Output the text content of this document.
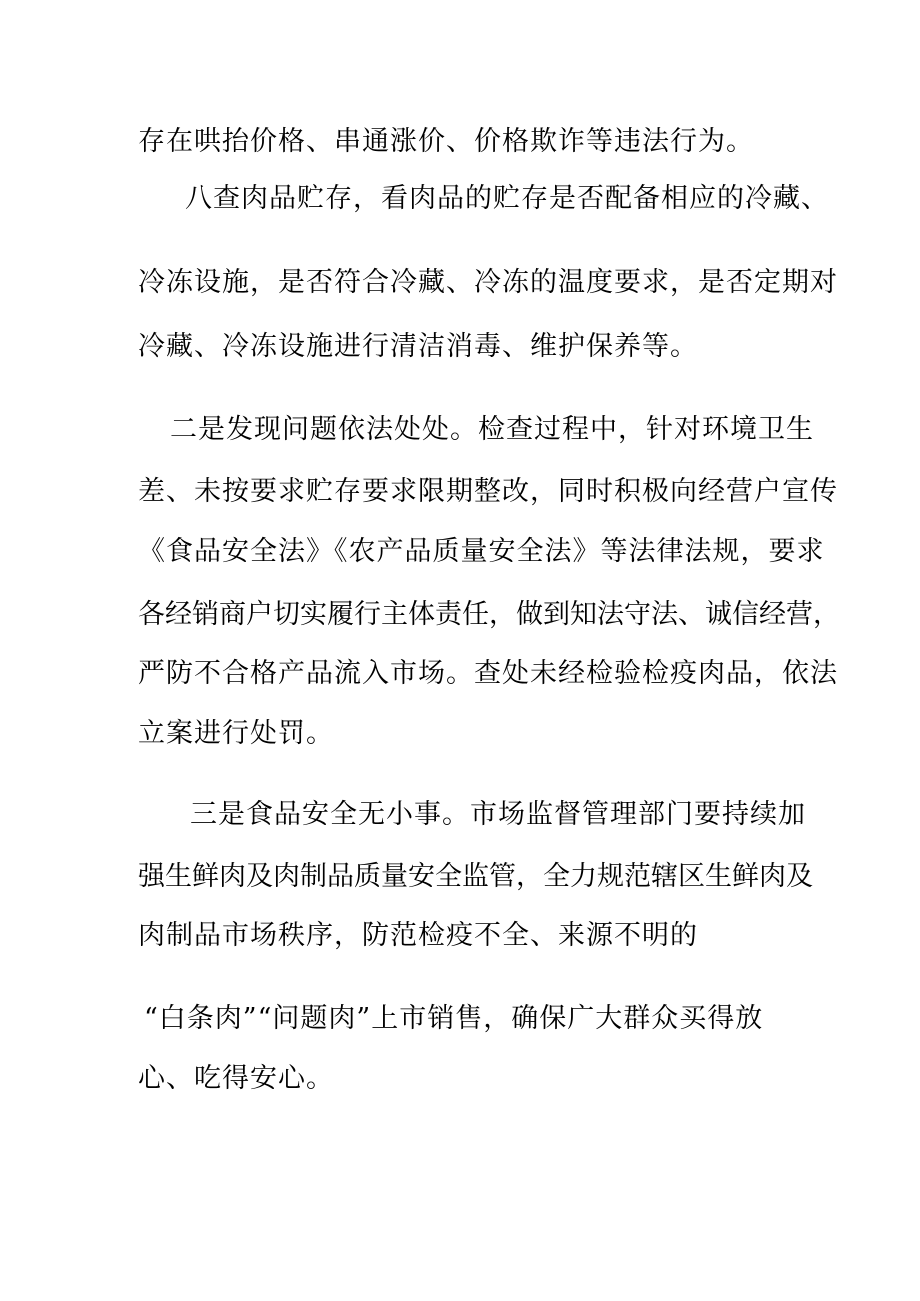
存在哄抬价格、串通涨价、价格欺诈等违法行为。
八查肉品贮存，看肉品的贮存是否配备相应的冷藏、
冷冻设施，是否符合冷藏、冷冻的温度要求，是否定期对
冷藏、冷冻设施进行清洁消毒、维护保养等。
二是发现问题依法处处。检查过程中，针对环境卫生
差、未按要求贮存要求限期整改，同时积极向经营户宣传
《食品安全法》《农产品质量安全法》等法律法规，要求
各经销商户切实履行主体责任，做到知法守法、诚信经营，
严防不合格产品流入市场。查处未经检验检疫肉品，依法
立案进行处罚。
三是食品安全无小事。市场监督管理部门要持续加
强生鲜肉及肉制品质量安全监管，全力规范辖区生鲜肉及
肉制品市场秩序，防范检疫不全、来源不明的
“白条肉”“问题肉”上市销售，确保广大群众买得放
心、吃得安心。
